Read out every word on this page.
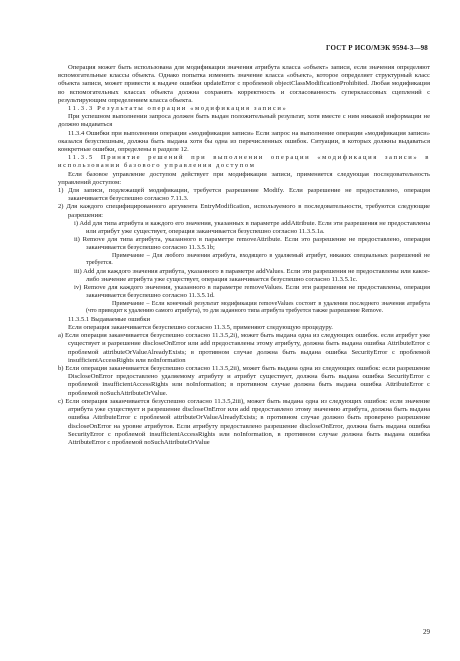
ГОСТ Р ИСО/МЭК 9594-3—98

Операция может быть использована для модификации значения атрибута класса «объект» записи, если значения определяют вспомогательные классы объекта. Однако попытка изменить значение класса «объект», которое определяет структурный класс объекта записи, может привести к выдаче ошибки updateError с проблемой objectClassModificationProhibited. Любая модификация во вспомогательных классах объекта должна сохранять корректность и согласованность суперклассовых сцеплений с результирующим определением класса объекта.

11.3.3 Результаты операции «модификация записи»

При успешном выполнении запроса должен быть выдан положительный результат, хотя вместе с ним никакой информации не должно выдаваться

11.3.4 Ошибки при выполнении операции «модификация записи» Если запрос на выполнение операции «модификация записи» оказался безуспешным, должна быть выдана хотя бы одна из перечисленных ошибок. Ситуации, в которых должны выдаваться конкретные ошибки, определены в разделе 12.

11.3.5 Принятие решений при выполнении операции «модификация записи» в использовании базового управления доступом

Если базовое управление доступом действует при модификации записи, применяется следующая последовательность управлений доступом:

1) Для записи, подлежащей модификации, требуется разрешение Modify. Если разрешение не предоставлено, операция заканчивается безуспешно согласно 7.11.3.

2) Для каждого специфицированного аргумента EntryModification, используемого в последовательности, требуются следующие разрешения:

i) Add для типа атрибута и каждого его значения, указанных в параметре addAttribute. Если эти разрешения не предоставлены или атрибут уже существует, операция заканчивается безуспешно согласно 11.3.5.1а.

ii) Remove для типа атрибута, указанного в параметре removeAttribute. Если это разрешение не предоставлено, операция заканчивается безуспешно согласно 11.3.5.1b;

Примечание – Для любого значения атрибута, входящего в удаляемый атрибут, никаких специальных разрешений не требуется.

iii) Add для каждого значения атрибута, указанного в параметре addValues. Если эти разрешения не предоставлены или какое-либо значение атрибута уже существует, операция заканчивается безуспешно согласно 11.3.5.1с.

iv) Remove для каждого значения, указанного в параметре removeValues. Если эти разрешения не предоставлены, операция заканчивается безуспешно согласно 11.3.5.1d.

Примечание – Если конечный результат модификации removeValues состоит в удалении последнего значения атрибута (что приводит к удалению самого атрибута), то для заданного типа атрибута требуется также разрешение Remove.

11.3.5.1 Выдаваемые ошибки

Если операция заканчивается безуспешно согласно 11.3.5, применяют следующую процедуру.

а) Если операция заканчивается безуспешно согласно 11.3.5,2i), может быть выдана одна из следующих ошибок. если атрибут уже существует и разрешение discloseOnError или add предоставлены этому атрибуту, должна быть выдана ошибка AttributeError с проблемой attributeOrValueAlreadyExists; в противном случае должна быть выдана ошибка SecurityError с проблемой insufficientAccessRights или noInformation

b) Если операция заканчивается безуспешно согласно 11.3.5,2ii), может быть выдана одна из следующих ошибок: если разрешение DiscloseOnError предоставлено удаляемому атрибуту и атрибут существует, должна быть выдана ошибка SecurityError с проблемой insufficientAccessRights или noInformation; в противном случае должна быть выдана ошибка AttributeError с проблемой noSuchAttributeOrValue.

с) Если операция заканчивается безуспешно согласно 11.3.5,2iii), может быть выдана одна из следующих ошибок: если значение атрибута уже существует и разрешение discloseOnError или add предоставлено этому значению атрибута, должна быть выдана ошибка AttributeError с проблемой attributeOrValueAlreadyExists; в противном случае должно быть проверено разрешение discloseOnError на уровне атрибутов. Если атрибуту предоставлено разрешение discloseOnError, должна быть выдана ошибка SecurityError с проблемой insufficientAccessRights или noInformation, в противном случае должна быть выдана ошибка AttributeError с проблемой noSuchAttributeOrValue

29
